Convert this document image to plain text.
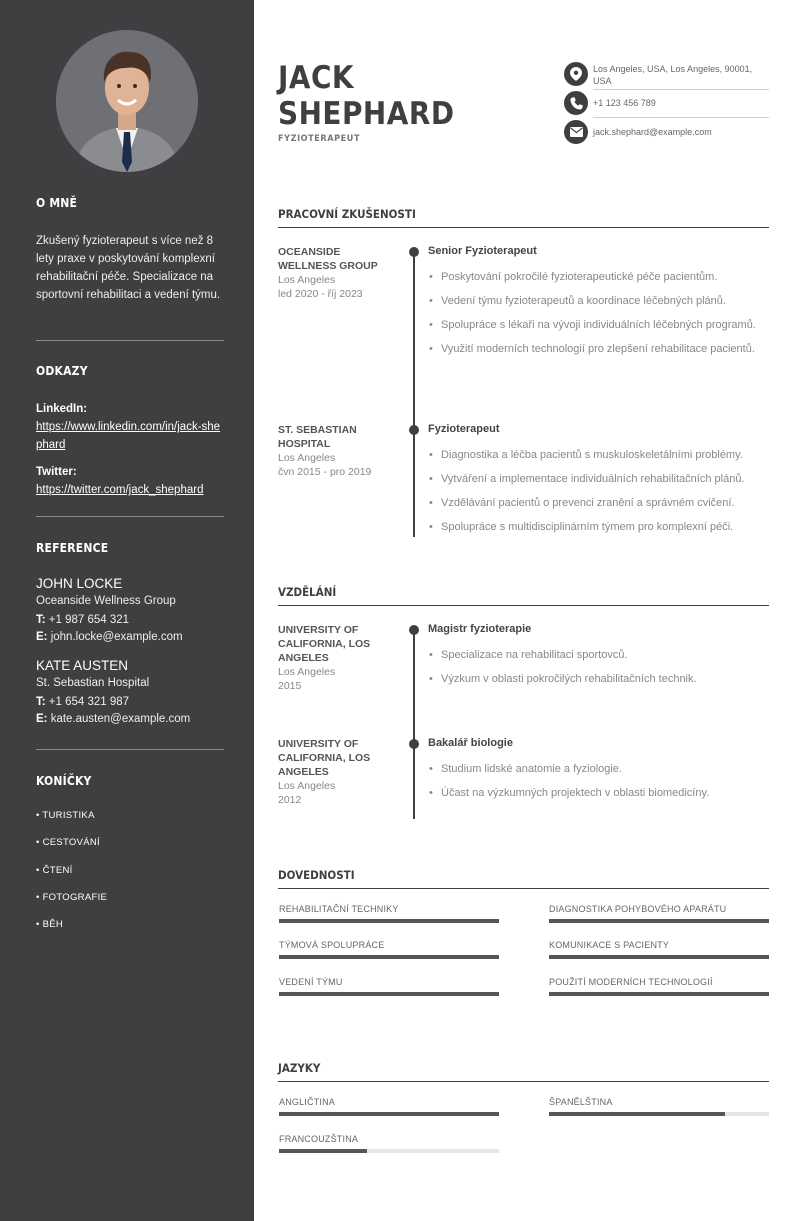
O MNĚ
Zkušený fyzioterapeut s více než 8 lety praxe v poskytování komplexní rehabilitační péče. Specializace na sportovní rehabilitaci a vedení týmu.
ODKAZY
LinkedIn:
https://www.linkedin.com/in/jack-shephard
Twitter:
https://twitter.com/jack_shephard
REFERENCE
JOHN LOCKE
Oceanside Wellness Group
T: +1 987 654 321
E: john.locke@example.com
KATE AUSTEN
St. Sebastian Hospital
T: +1 654 321 987
E: kate.austen@example.com
KONÍČKY
• TURISTIKA
• CESTOVÁNÍ
• ČTENÍ
• FOTOGRAFIE
• BĚH
JACK
SHEPHARD
FYZIOTERAPEUT
Los Angeles, USA, Los Angeles, 90001, USA
+1 123 456 789
jack.shephard@example.com
PRACOVNÍ ZKUŠENOSTI
OCEANSIDE WELLNESS GROUP
Los Angeles
led 2020 - říj 2023
Senior Fyzioterapeut
• Poskytování pokročilé fyzioterapeutické péče pacientům.
• Vedení týmu fyzioterapeutů a koordinace léčebných plánů.
• Spolupráce s lékaři na vývoji individuálních léčebných programů.
• Využití moderních technologií pro zlepšení rehabilitace pacientů.
ST. SEBASTIAN HOSPITAL
Los Angeles
čvn 2015 - pro 2019
Fyzioterapeut
• Diagnostika a léčba pacientů s muskuloskeletálními problémy.
• Vytváření a implementace individuálních rehabilitačních plánů.
• Vzdělávání pacientů o prevenci zranění a správném cvičení.
• Spolupráce s multidisciplinárním týmem pro komplexní péči.
VZDĚLÁNÍ
UNIVERSITY OF CALIFORNIA, LOS ANGELES
Los Angeles
2015
Magistr fyzioterapie
• Specializace na rehabilitaci sportovců.
• Výzkum v oblasti pokročilých rehabilitačních technik.
UNIVERSITY OF CALIFORNIA, LOS ANGELES
Los Angeles
2012
Bakalář biologie
• Studium lidské anatomie a fyziologie.
• Účast na výzkumných projektech v oblasti biomedicíny.
DOVEDNOSTI
REHABILITAČNÍ TECHNIKY	DIAGNOSTIKA POHYBOVÉHO APARÁTU
TÝMOVÁ SPOLUPRÁCE	KOMUNIKACE S PACIENTY
VEDENÍ TÝMU	POUŽITÍ MODERNÍCH TECHNOLOGIÍ
JAZYKY
ANGLIČTINA	ŠPANĚLŠTINA
FRANCOUZŠTINA
